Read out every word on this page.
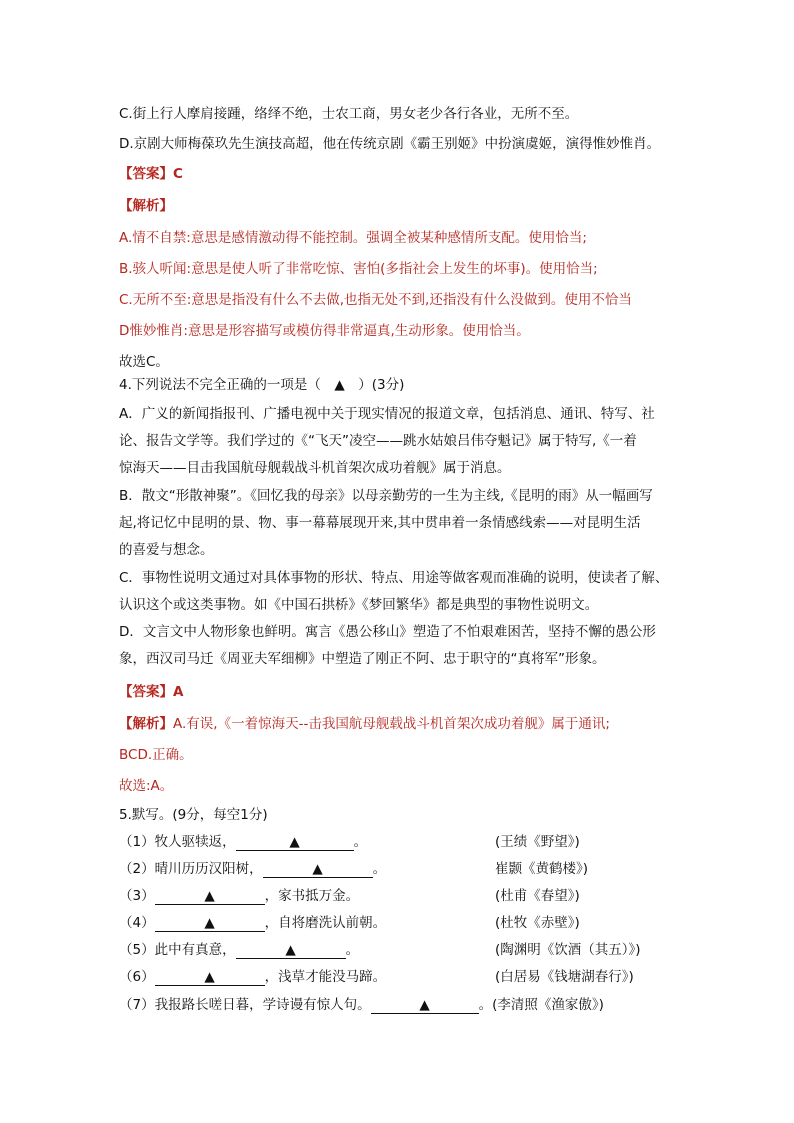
C.街上行人摩肩接踵，络绎不绝，士农工商，男女老少各行各业，无所不至。
D.京剧大师梅葆玖先生演技高超，他在传统京剧《霸王别姬》中扮演虞姬，演得惟妙惟肖。
【答案】C
【解析】
A.情不自禁:意思是感情激动得不能控制。强调全被某种感情所支配。使用恰当;
B.骇人听闻:意思是使人听了非常吃惊、害怕(多指社会上发生的坏事)。使用恰当;
C.无所不至:意思是指没有什么不去做,也指无处不到,还指没有什么没做到。使用不恰当
D惟妙惟肖:意思是形容描写或模仿得非常逼真,生动形象。使用恰当。
故选C。
4.下列说法不完全正确的一项是（　▲　）(3分)
A．广义的新闻指报刊、广播电视中关于现实情况的报道文章，包括消息、通讯、特写、社
论、报告文学等。我们学过的《“飞天”凌空——跳水姑娘吕伟夺魁记》属于特写,《一着
惊海天——目击我国航母舰载战斗机首架次成功着舰》属于消息。
B．散文“形散神聚”。《回忆我的母亲》以母亲勤劳的一生为主线,《昆明的雨》从一幅画写
起,将记忆中昆明的景、物、事一幕幕展现开来,其中贯串着一条情感线索——对昆明生活
的喜爱与想念。
C．事物性说明文通过对具体事物的形状、特点、用途等做客观而准确的说明，使读者了解、
认识这个或这类事物。如《中国石拱桥》《梦回繁华》都是典型的事物性说明文。
D．文言文中人物形象也鲜明。寓言《愚公移山》塑造了不怕艰难困苦，坚持不懈的愚公形
象，西汉司马迁《周亚夫军细柳》中塑造了刚正不阿、忠于职守的“真将军”形象。
【答案】A
【解析】A.有误,《一着惊海天--击我国航母舰载战斗机首架次成功着舰》属于通讯;
BCD.正确。
故选:A。
5.默写。(9分，每空1分)
（1）牧人驱犊返，	▲	。	(王绩《野望》)
（2）晴川历历汉阳树，	▲	。	崔颢《黄鹤楼》)
（3）	▲	，家书抵万金。	(杜甫《春望》)
（4）	▲	，自将磨洗认前朝。	(杜牧《赤壁》)
（5）此中有真意，	▲	。	(陶渊明《饮酒（其五）》)
（6）	▲	，浅草才能没马蹄。	(白居易《钱塘湖春行》)
（7）我报路长嗟日暮，学诗谩有惊人句。	▲	。(李清照《渔家傲》)
